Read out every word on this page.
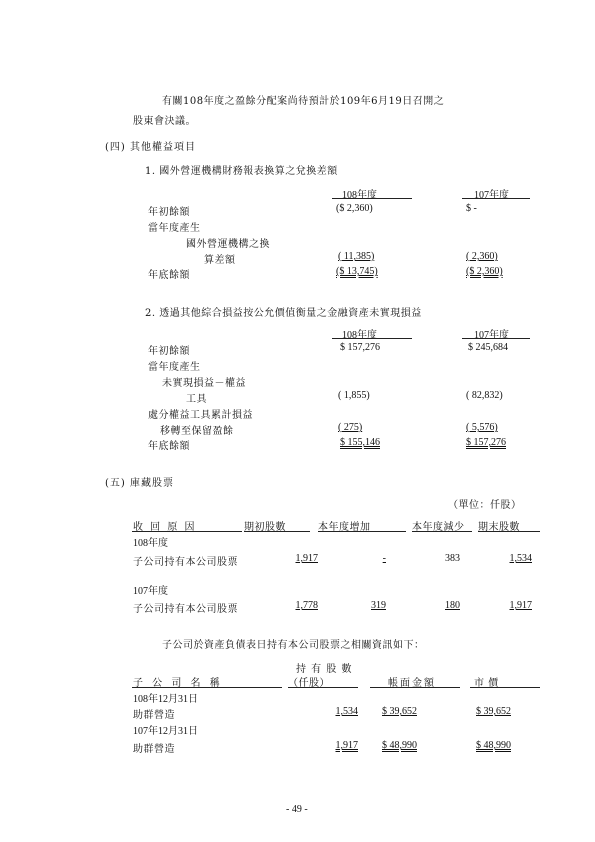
有關108年度之盈餘分配案尚待預計於109年6月19日召開之
股東會決議。
(四) 其他權益項目
1. 國外營運機構財務報表換算之兌換差額
108年度	107年度
年初餘額	($ 2,360)	$ -
當年度產生
國外營運機構之換
算差額	( 11,385)	( 2,360)
年底餘額	($ 13,745)	($ 2,360)
2. 透過其他綜合損益按公允價值衡量之金融資產未實現損益
108年度	107年度
年初餘額	$ 157,276	$ 245,684
當年度產生
未實現損益－權益
工具	( 1,855)	( 82,832)
處分權益工具累計損益
移轉至保留盈餘	( 275)	( 5,576)
年底餘額	$ 155,146	$ 157,276
(五) 庫藏股票
（單位：仟股）
收 回 原 因	期初股數	本年度增加	本年度減少 期末股數
108年度
子公司持有本公司股票	1,917	-	383	1,534
107年度
子公司持有本公司股票	1,778	319	180	1,917
子公司於資產負債表日持有本公司股票之相關資訊如下：
持 有 股 數
子 公 司 名 稱	（仟股）	帳面金額	市 價
108年12月31日
助群營造	1,534 $ 39,652	$ 39,652
107年12月31日
助群營造	1,917 $ 48,990	$ 48,990
- 49 -
